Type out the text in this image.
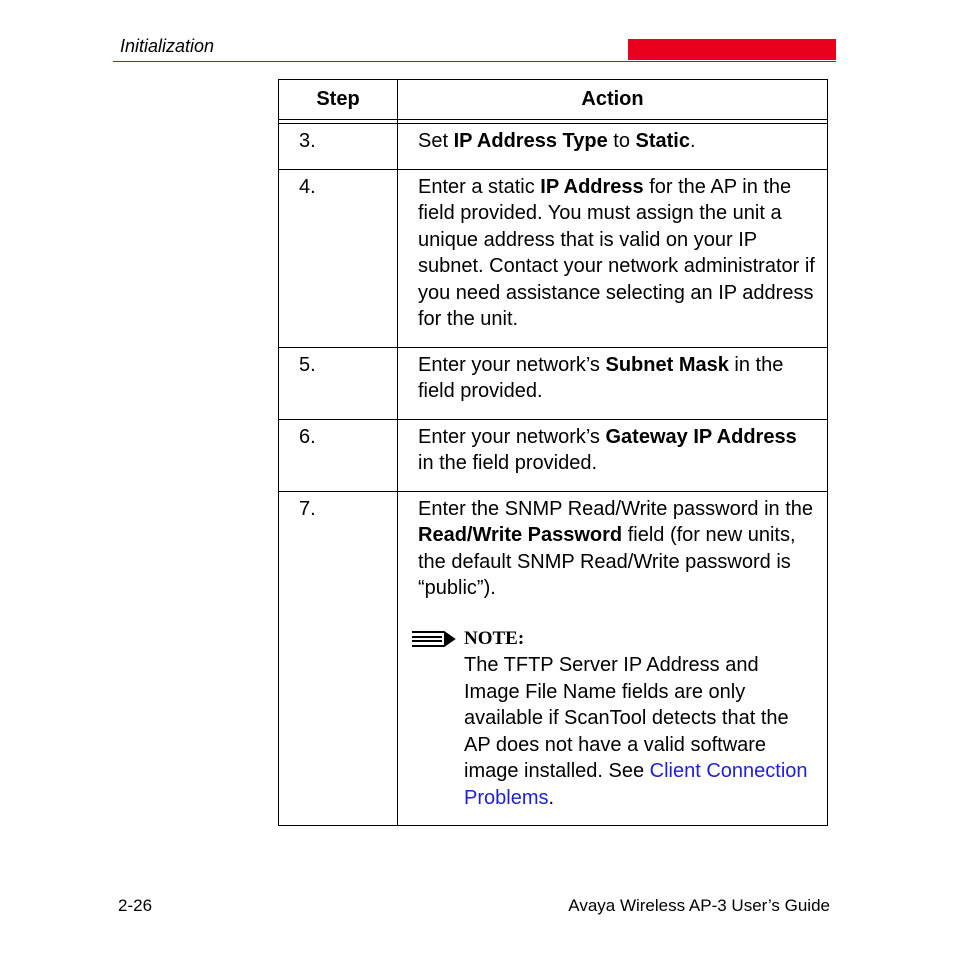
Initialization
Step	Action

3.	Set IP Address Type to Static.

4.	Enter a static IP Address for the AP in the field provided. You must assign the unit a unique address that is valid on your IP subnet. Contact your network administrator if you need assistance selecting an IP address for the unit.

5.	Enter your network’s Subnet Mask in the field provided.

6.	Enter your network’s Gateway IP Address in the field provided.

7.	Enter the SNMP Read/Write password in the Read/Write Password field (for new units, the default SNMP Read/Write password is “public”).
NOTE:
The TFTP Server IP Address and Image File Name fields are only available if ScanTool detects that the AP does not have a valid software image installed. See Client Connection Problems.
2-26	Avaya Wireless AP-3 User’s Guide
